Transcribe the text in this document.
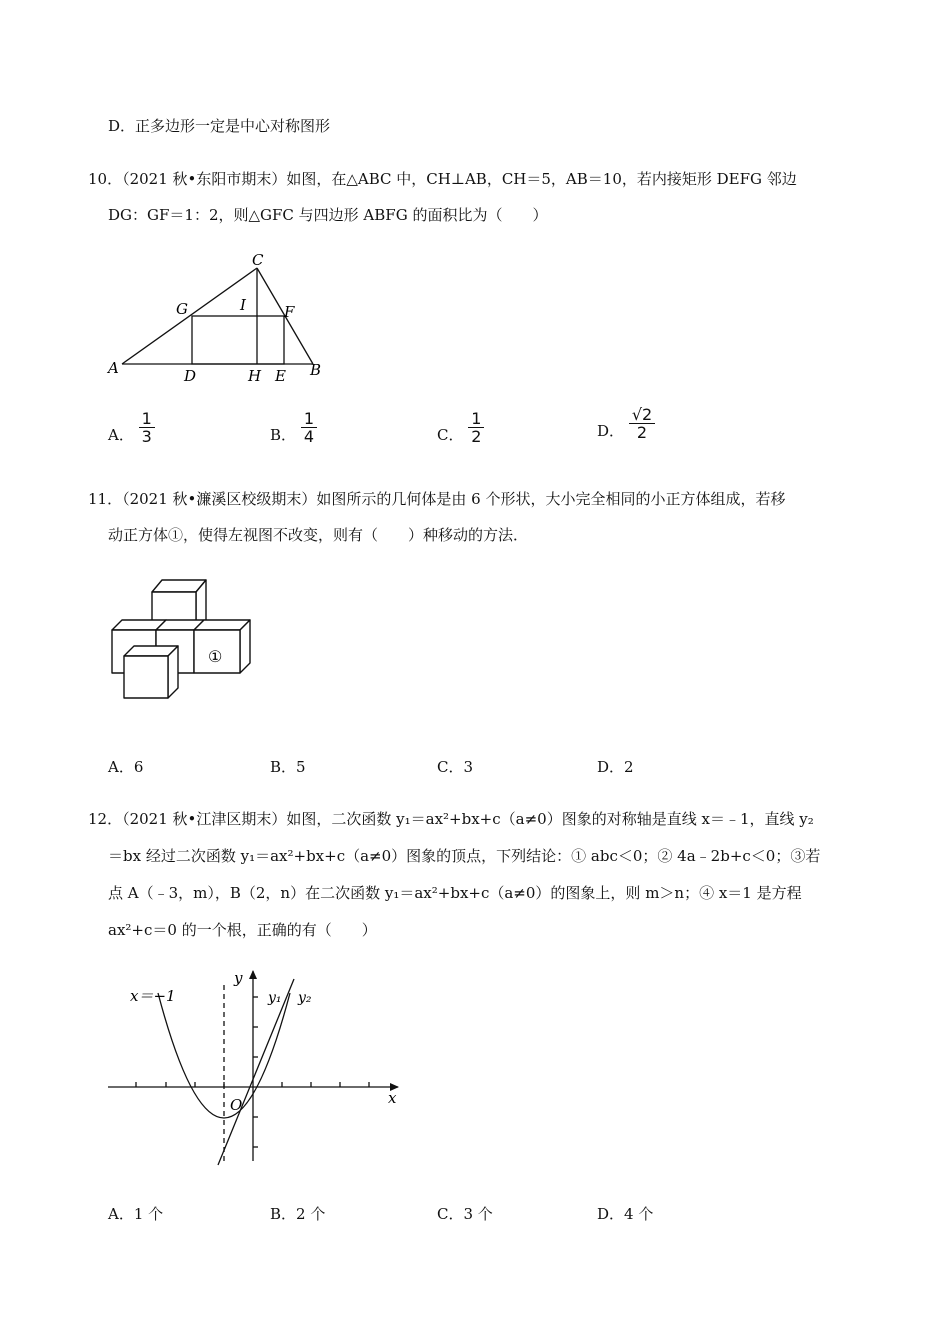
D．正多边形一定是中心对称图形
10．（2021 秋•东阳市期末）如图，在△ABC 中，CH⊥AB，CH＝5，AB＝10，若内接矩形 DEFG 邻边
DG：GF＝1：2，则△GFC 与四边形 ABFG 的面积比为（　　）
C
G	I	F
A	D	H E B
A． $\frac{1}{3}$	B． $\frac{1}{4}$	C． $\frac{1}{2}$	D． $\frac{√2}{2}$
11．（2021 秋•濂溪区校级期末）如图所示的几何体是由 6 个形状，大小完全相同的小正方体组成，若移
动正方体①，使得左视图不改变，则有（　　）种移动的方法．
①
A．6	B．5	C．3	D．2
12．（2021 秋•江津区期末）如图，二次函数 y₁＝ax²+bx+c（a≠0）图象的对称轴是直线 x＝﹣1，直线 y₂
＝bx 经过二次函数 y₁＝ax²+bx+c（a≠0）图象的顶点，下列结论：① abc＜0；② 4a﹣2b+c＜0；③若
点 A（﹣3，m），B（2，n）在二次函数 y₁＝ax²+bx+c（a≠0）的图象上，则 m＞n；④ x＝1 是方程
ax²+c＝0 的一个根，正确的有（　　）
x＝−1
y
x
O
y₁ y₂
A．1 个	B．2 个	C．3 个	D．4 个
